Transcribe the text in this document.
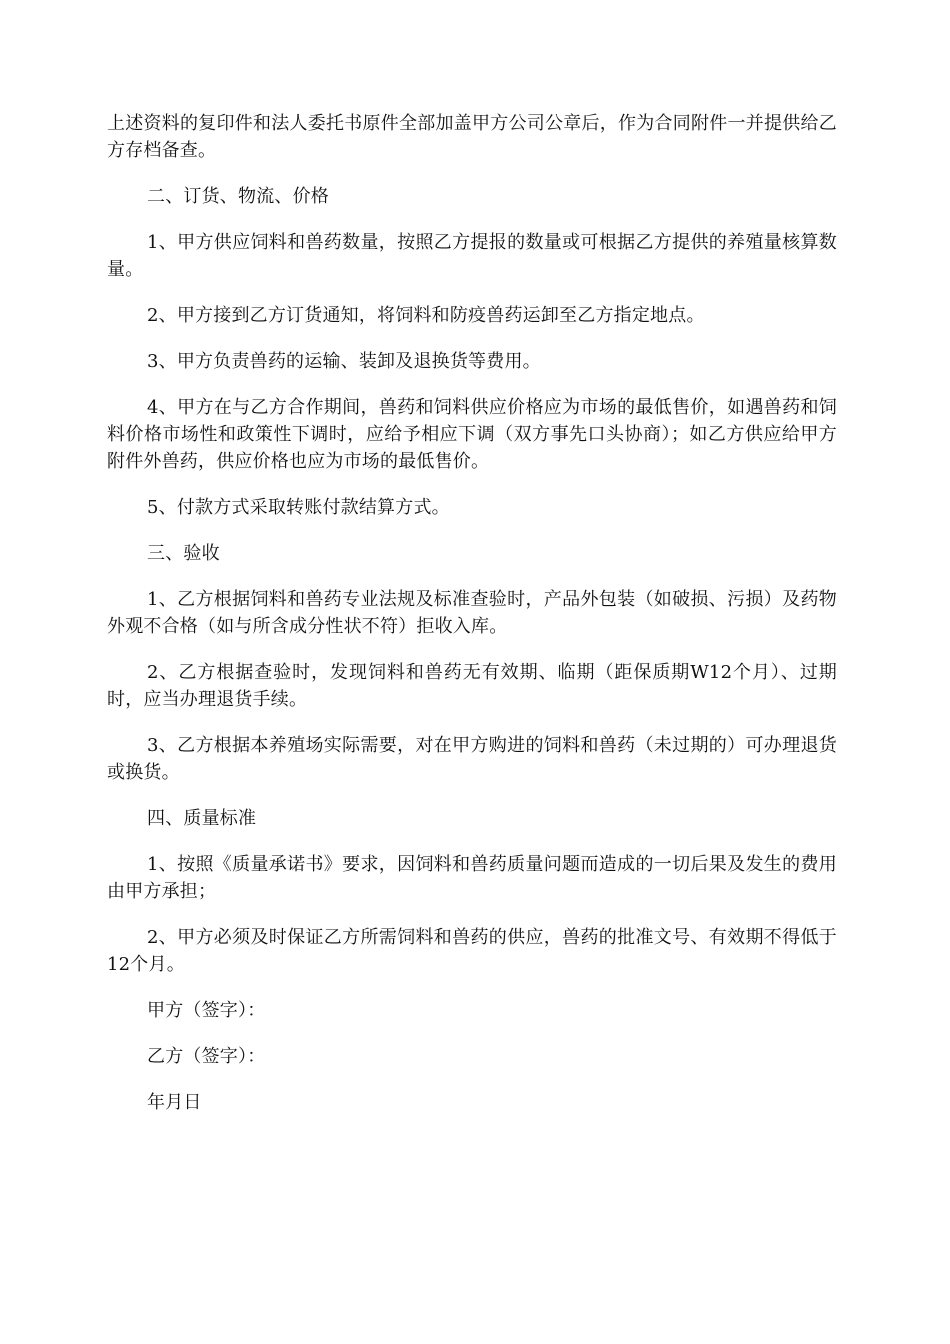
上述资料的复印件和法人委托书原件全部加盖甲方公司公章后，作为合同附件一并提供给乙方存档备查。

二、订货、物流、价格

1、甲方供应饲料和兽药数量，按照乙方提报的数量或可根据乙方提供的养殖量核算数量。

2、甲方接到乙方订货通知，将饲料和防疫兽药运卸至乙方指定地点。

3、甲方负责兽药的运输、装卸及退换货等费用。

4、甲方在与乙方合作期间，兽药和饲料供应价格应为市场的最低售价，如遇兽药和饲料价格市场性和政策性下调时，应给予相应下调（双方事先口头协商）；如乙方供应给甲方附件外兽药，供应价格也应为市场的最低售价。

5、付款方式采取转账付款结算方式。

三、验收

1、乙方根据饲料和兽药专业法规及标准查验时，产品外包装（如破损、污损）及药物外观不合格（如与所含成分性状不符）拒收入库。

2、乙方根据查验时，发现饲料和兽药无有效期、临期（距保质期W12个月）、过期时，应当办理退货手续。

3、乙方根据本养殖场实际需要，对在甲方购进的饲料和兽药（未过期的）可办理退货或换货。

四、质量标准

1、按照《质量承诺书》要求，因饲料和兽药质量问题而造成的一切后果及发生的费用由甲方承担；

2、甲方必须及时保证乙方所需饲料和兽药的供应，兽药的批准文号、有效期不得低于12个月。

甲方（签字）：

乙方（签字）：

年月日
